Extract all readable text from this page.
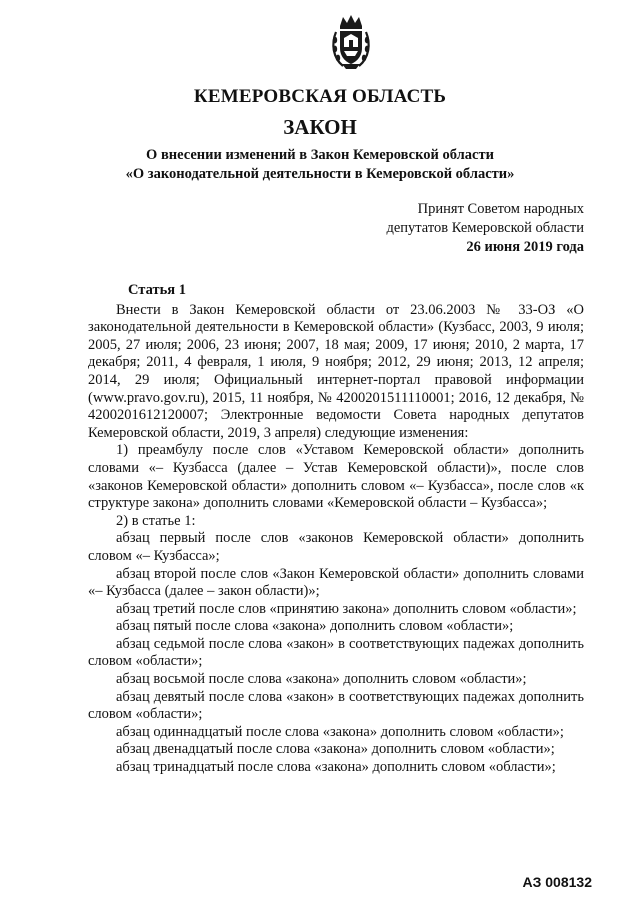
КЕМЕРОВСКАЯ ОБЛАСТЬ
ЗАКОН
О внесении изменений в Закон Кемеровской области
«О законодательной деятельности в Кемеровской области»
Принят Советом народных
депутатов Кемеровской области
26 июня 2019 года
Статья 1

Внести в Закон Кемеровской области от 23.06.2003 № 33-ОЗ «О законодательной деятельности в Кемеровской области» (Кузбасс, 2003, 9 июля; 2005, 27 июля; 2006, 23 июня; 2007, 18 мая; 2009, 17 июня; 2010, 2 марта, 17 декабря; 2011, 4 февраля, 1 июля, 9 ноября; 2012, 29 июня; 2013, 12 апреля; 2014, 29 июля; Официальный интернет-портал правовой информации (www.pravo.gov.ru), 2015, 11 ноября, № 4200201511110001; 2016, 12 декабря, № 4200201612120007; Электронные ведомости Совета народных депутатов Кемеровской области, 2019, 3 апреля) следующие изменения:

1) преамбулу после слов «Уставом Кемеровской области» дополнить словами «– Кузбасса (далее – Устав Кемеровской области)», после слов «законов Кемеровской области» дополнить словом «– Кузбасса», после слов «к структуре закона» дополнить словами «Кемеровской области – Кузбасса»;

2) в статье 1:

абзац первый после слов «законов Кемеровской области» дополнить словом «– Кузбасса»;

абзац второй после слов «Закон Кемеровской области» дополнить словами «– Кузбасса (далее – закон области)»;

абзац третий после слов «принятию закона» дополнить словом «области»;

абзац пятый после слова «закона» дополнить словом «области»;

абзац седьмой после слова «закон» в соответствующих падежах дополнить словом «области»;

абзац восьмой после слова «закона» дополнить словом «области»;

абзац девятый после слова «закон» в соответствующих падежах дополнить словом «области»;

абзац одиннадцатый после слова «закона» дополнить словом «области»;

абзац двенадцатый после слова «закона» дополнить словом «области»;

абзац тринадцатый после слова «закона» дополнить словом «области»;

АЗ 008132
